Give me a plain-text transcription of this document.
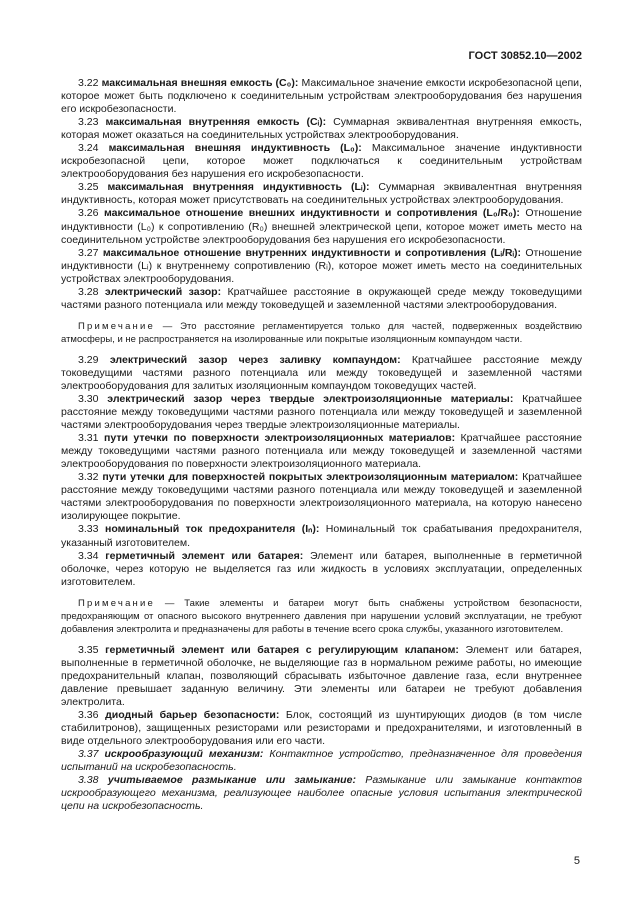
ГОСТ 30852.10—2002

3.22 максимальная внешняя емкость (C₀): Максимальное значение емкости искробезопасной цепи, которое может быть подключено к соединительным устройствам электрооборудования без нарушения его искробезопасности.

3.23 максимальная внутренняя емкость (Cᵢ): Суммарная эквивалентная внутренняя емкость, которая может оказаться на соединительных устройствах электрооборудования.

3.24 максимальная внешняя индуктивность (L₀): Максимальное значение индуктивности искробезопасной цепи, которое может подключаться к соединительным устройствам электрооборудования без нарушения его искробезопасности.

3.25 максимальная внутренняя индуктивность (Lᵢ): Суммарная эквивалентная внутренняя индуктивность, которая может присутствовать на соединительных устройствах электрооборудования.

3.26 максимальное отношение внешних индуктивности и сопротивления (L₀/R₀): Отношение индуктивности (L₀) к сопротивлению (R₀) внешней электрической цепи, которое может иметь место на соединительном устройстве электрооборудования без нарушения его искробезопасности.

3.27 максимальное отношение внутренних индуктивности и сопротивления (Lᵢ/Rᵢ): Отношение индуктивности (Lᵢ) к внутреннему сопротивлению (Rᵢ), которое может иметь место на соединительных устройствах электрооборудования.

3.28 электрический зазор: Кратчайшее расстояние в окружающей среде между токоведущими частями разного потенциала или между токоведущей и заземленной частями электрооборудования.

Примечание — Это расстояние регламентируется только для частей, подверженных воздействию атмосферы, и не распространяется на изолированные или покрытые изоляционным компаундом части.

3.29 электрический зазор через заливку компаундом: Кратчайшее расстояние между токоведущими частями разного потенциала или между токоведущей и заземленной частями электрооборудования для залитых изоляционным компаундом токоведущих частей.

3.30 электрический зазор через твердые электроизоляционные материалы: Кратчайшее расстояние между токоведущими частями разного потенциала или между токоведущей и заземленной частями электрооборудования через твердые электроизоляционные материалы.

3.31 пути утечки по поверхности электроизоляционных материалов: Кратчайшее расстояние между токоведущими частями разного потенциала или между токоведущей и заземленной частями электрооборудования по поверхности электроизоляционного материала.

3.32 пути утечки для поверхностей покрытых электроизоляционным материалом: Кратчайшее расстояние между токоведущими частями разного потенциала или между токоведущей и заземленной частями электрооборудования по поверхности электроизоляционного материала, на которую нанесено изолирующее покрытие.

3.33 номинальный ток предохранителя (Iₙ): Номинальный ток срабатывания предохранителя, указанный изготовителем.

3.34 герметичный элемент или батарея: Элемент или батарея, выполненные в герметичной оболочке, через которую не выделяется газ или жидкость в условиях эксплуатации, определенных изготовителем.

Примечание — Такие элементы и батареи могут быть снабжены устройством безопасности, предохраняющим от опасного высокого внутреннего давления при нарушении условий эксплуатации, не требуют добавления электролита и предназначены для работы в течение всего срока службы, указанного изготовителем.

3.35 герметичный элемент или батарея с регулирующим клапаном: Элемент или батарея, выполненные в герметичной оболочке, не выделяющие газ в нормальном режиме работы, но имеющие предохранительный клапан, позволяющий сбрасывать избыточное давление газа, если внутреннее давление превышает заданную величину. Эти элементы или батареи не требуют добавления электролита.

3.36 диодный барьер безопасности: Блок, состоящий из шунтирующих диодов (в том числе стабилитронов), защищенных резисторами или резисторами и предохранителями, и изготовленный в виде отдельного электрооборудования или его части.

3.37 искрообразующий механизм: Контактное устройство, предназначенное для проведения испытаний на искробезопасность.

3.38 учитываемое размыкание или замыкание: Размыкание или замыкание контактов искрообразующего механизма, реализующее наиболее опасные условия испытания электрической цепи на искробезопасность.

5
